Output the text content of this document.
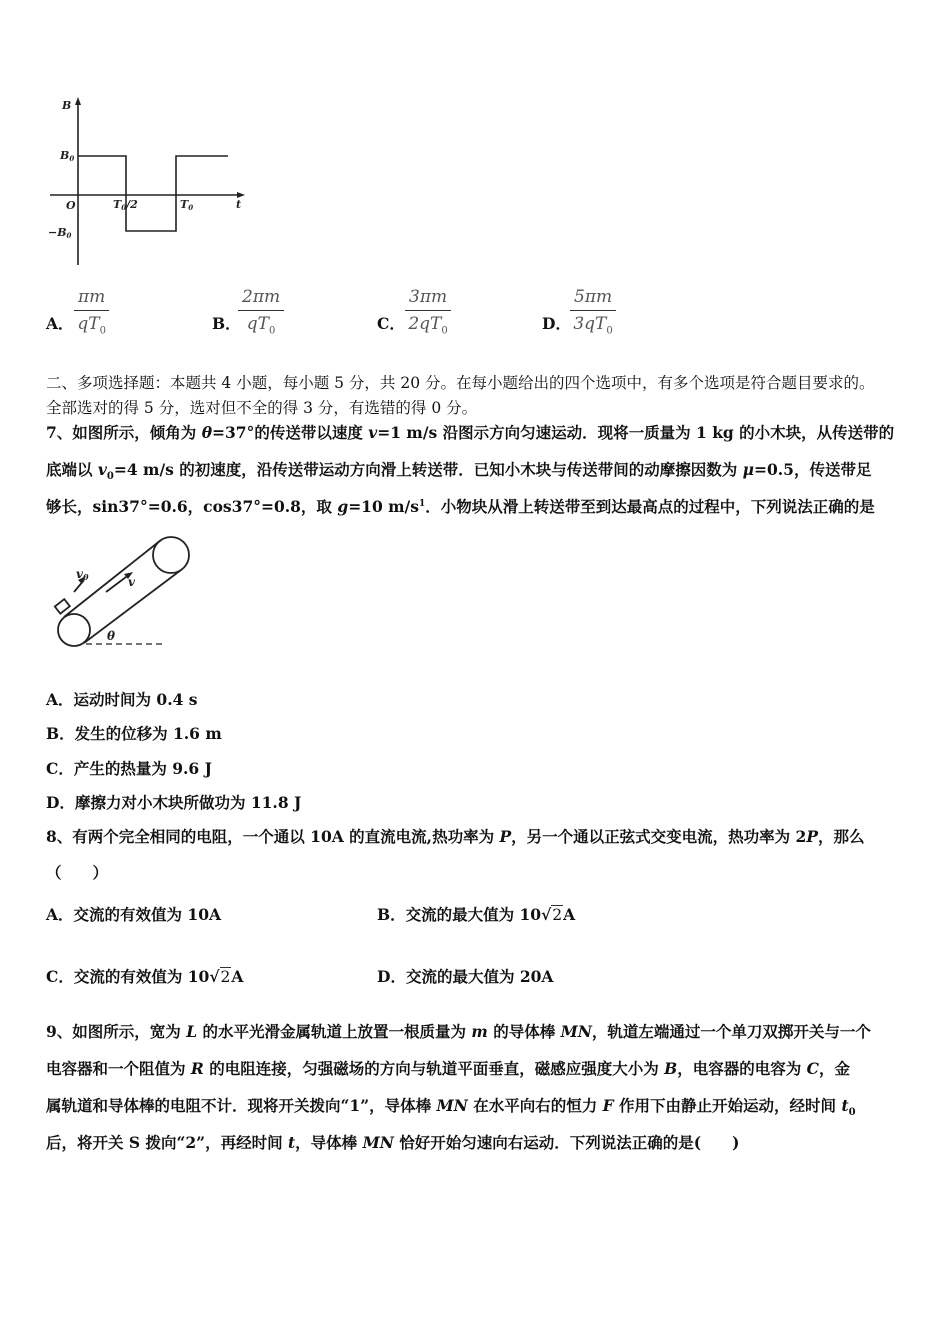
B
B0
O
−B0
T0/2	T0	t
A．
πm
$qT_0$	B．
2πm
$qT_0$	C．
3πm
$2qT_0$	D．
5πm
$3qT_0$
二、多项选择题：本题共 4 小题，每小题 5 分，共 20 分。在每小题给出的四个选项中，有多个选项是符合题目要求的。
全部选对的得 5 分，选对但不全的得 3 分，有选错的得 0 分。
7、如图所示，倾角为 θ=37°的传送带以速度 v=1 m/s 沿图示方向匀速运动．现将一质量为 1 kg 的小木块，从传送带的
底端以 $v_0=4$ m/s 的初速度，沿传送带运动方向滑上转送带．已知小木块与传送带间的动摩擦因数为 μ=0.5，传送带足
够长，sin37°=0.6，cos37°=0.8，取 g=10 $m/s^1$．小物块从滑上转送带至到达最高点的过程中，下列说法正确的是
v0	v
θ
A．运动时间为 0.4 s
B．发生的位移为 1.6 m
C．产生的热量为 9.6 J
D．摩擦力对小木块所做功为 11.8 J
8、有两个完全相同的电阻，一个通以 10A 的直流电流,热功率为 P，另一个通以正弦式交变电流，热功率为 2P，那么
（　　）
A．交流的有效值为 10A	B．交流的最大值为 10√2A
C．交流的有效值为 10√2A	D．交流的最大值为 20A
9、如图所示，宽为 L 的水平光滑金属轨道上放置一根质量为 m 的导体棒 MN，轨道左端通过一个单刀双掷开关与一个
电容器和一个阻值为 R 的电阻连接，匀强磁场的方向与轨道平面垂直，磁感应强度大小为 B，电容器的电容为 C，金
属轨道和导体棒的电阻不计．现将开关拨向“1”，导体棒 MN 在水平向右的恒力 F 作用下由静止开始运动，经时间 $t_0$
后，将开关 S 拨向“2”，再经时间 t，导体棒 MN 恰好开始匀速向右运动．下列说法正确的是(　　)
